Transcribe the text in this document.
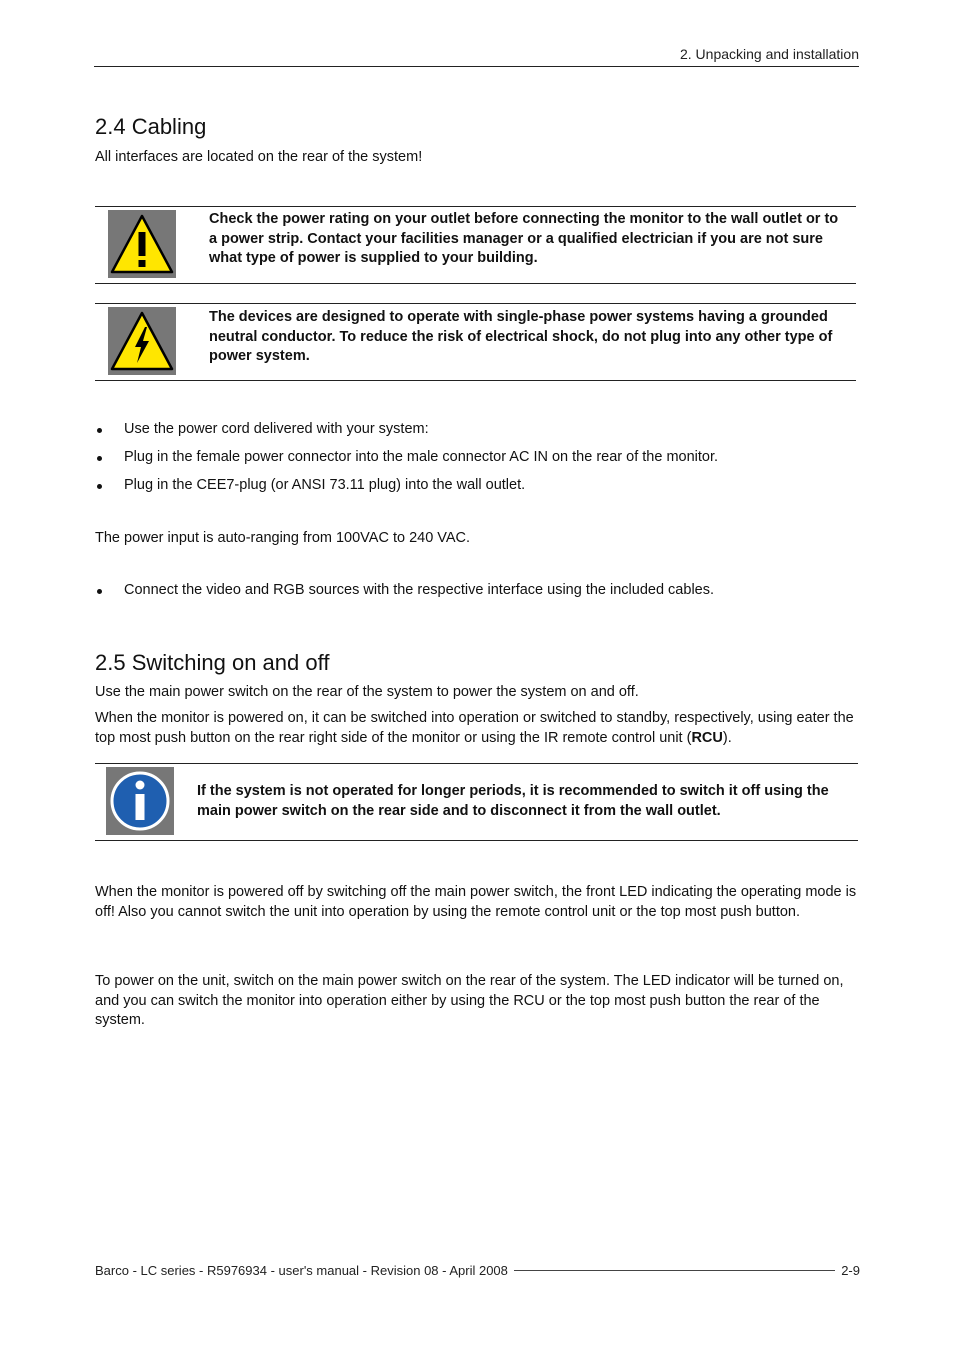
2. Unpacking and installation
2.4 Cabling

All interfaces are located on the rear of the system!

Check the power rating on your outlet before connecting the monitor to the wall outlet or to a power strip. Contact your facilities manager or a qualified electrician if you are not sure what type of power is supplied to your building.
The devices are designed to operate with single-phase power systems having a grounded neutral conductor. To reduce the risk of electrical shock, do not plug into any other type of power system.
Use the power cord delivered with your system:
Plug in the female power connector into the male connector AC IN on the rear of the monitor.
Plug in the CEE7-plug (or ANSI 73.11 plug) into the wall outlet.

The power input is auto-ranging from 100VAC to 240 VAC.

Connect the video and RGB sources with the respective interface using the included cables.
2.5 Switching on and off

Use the main power switch on the rear of the system to power the system on and off.

When the monitor is powered on, it can be switched into operation or switched to standby, respectively, using eater the top most push button on the rear right side of the monitor or using the IR remote control unit (RCU).

If the system is not operated for longer periods, it is recommended to switch it off using the main power switch on the rear side and to disconnect it from the wall outlet.

When the monitor is powered off by switching off the main power switch, the front LED indicating the operating mode is off! Also you cannot switch the unit into operation by using the remote control unit or the top most push button.

To power on the unit, switch on the main power switch on the rear of the system. The LED indicator will be turned on, and you can switch the monitor into operation either by using the RCU or the top most push button the rear of the system.

Barco - LC series - R5976934 - user's manual - Revision 08 - April 2008	2-9
